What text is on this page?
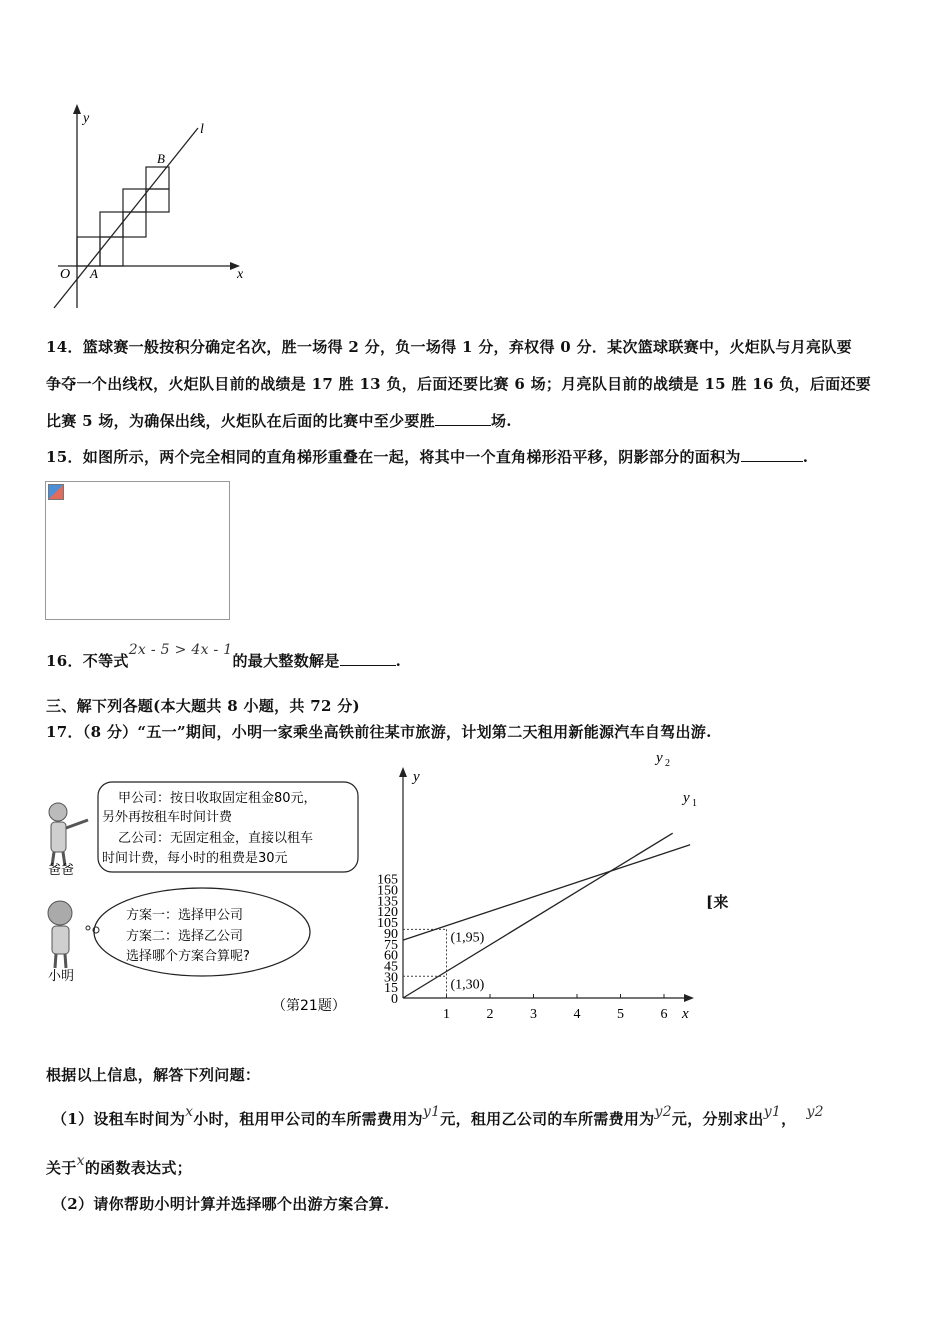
y
x
O A
B
l
14．篮球赛一般按积分确定名次，胜一场得 2 分，负一场得 1 分，弃权得 0 分．某次篮球联赛中，火炬队与月亮队要
争夺一个出线权，火炬队目前的战绩是 17 胜 13 负，后面还要比赛 6 场；月亮队目前的战绩是 15 胜 16 负，后面还要
比赛 5 场，为确保出线，火炬队在后面的比赛中至少要胜	场.
15．如图所示，两个完全相同的直角梯形重叠在一起，将其中一个直角梯形沿平移，阴影部分的面积为	.
16．不等式2x - 5 > 4x - 1的最大整数解是	.
三、解下列各题(本大题共 8 小题，共 72 分)
17．（8 分）“五一”期间，小明一家乘坐高铁前往某市旅游，计划第二天租用新能源汽车自驾出游.
爸爸
甲公司：按日收取固定租金80元，
另外再按租车时间计费
乙公司：无固定租金，直接以租车
时间计费，每小时的租费是30元
小明
方案一：选择甲公司
方案二：选择乙公司
选择哪个方案合算呢?
（第21题）
y
x
0
15
30
45
60
75
90
105
120
135
150
165
1	2	3	4	5	6
y 1
y 2
(1,95)
(1,30)
[来
根据以上信息，解答下列问题：
（1）设租车时间为x小时，租用甲公司的车所需费用为y1元，租用乙公司的车所需费用为y2元，分别求出y1， y2
关于x的函数表达式；
（2）请你帮助小明计算并选择哪个出游方案合算.
